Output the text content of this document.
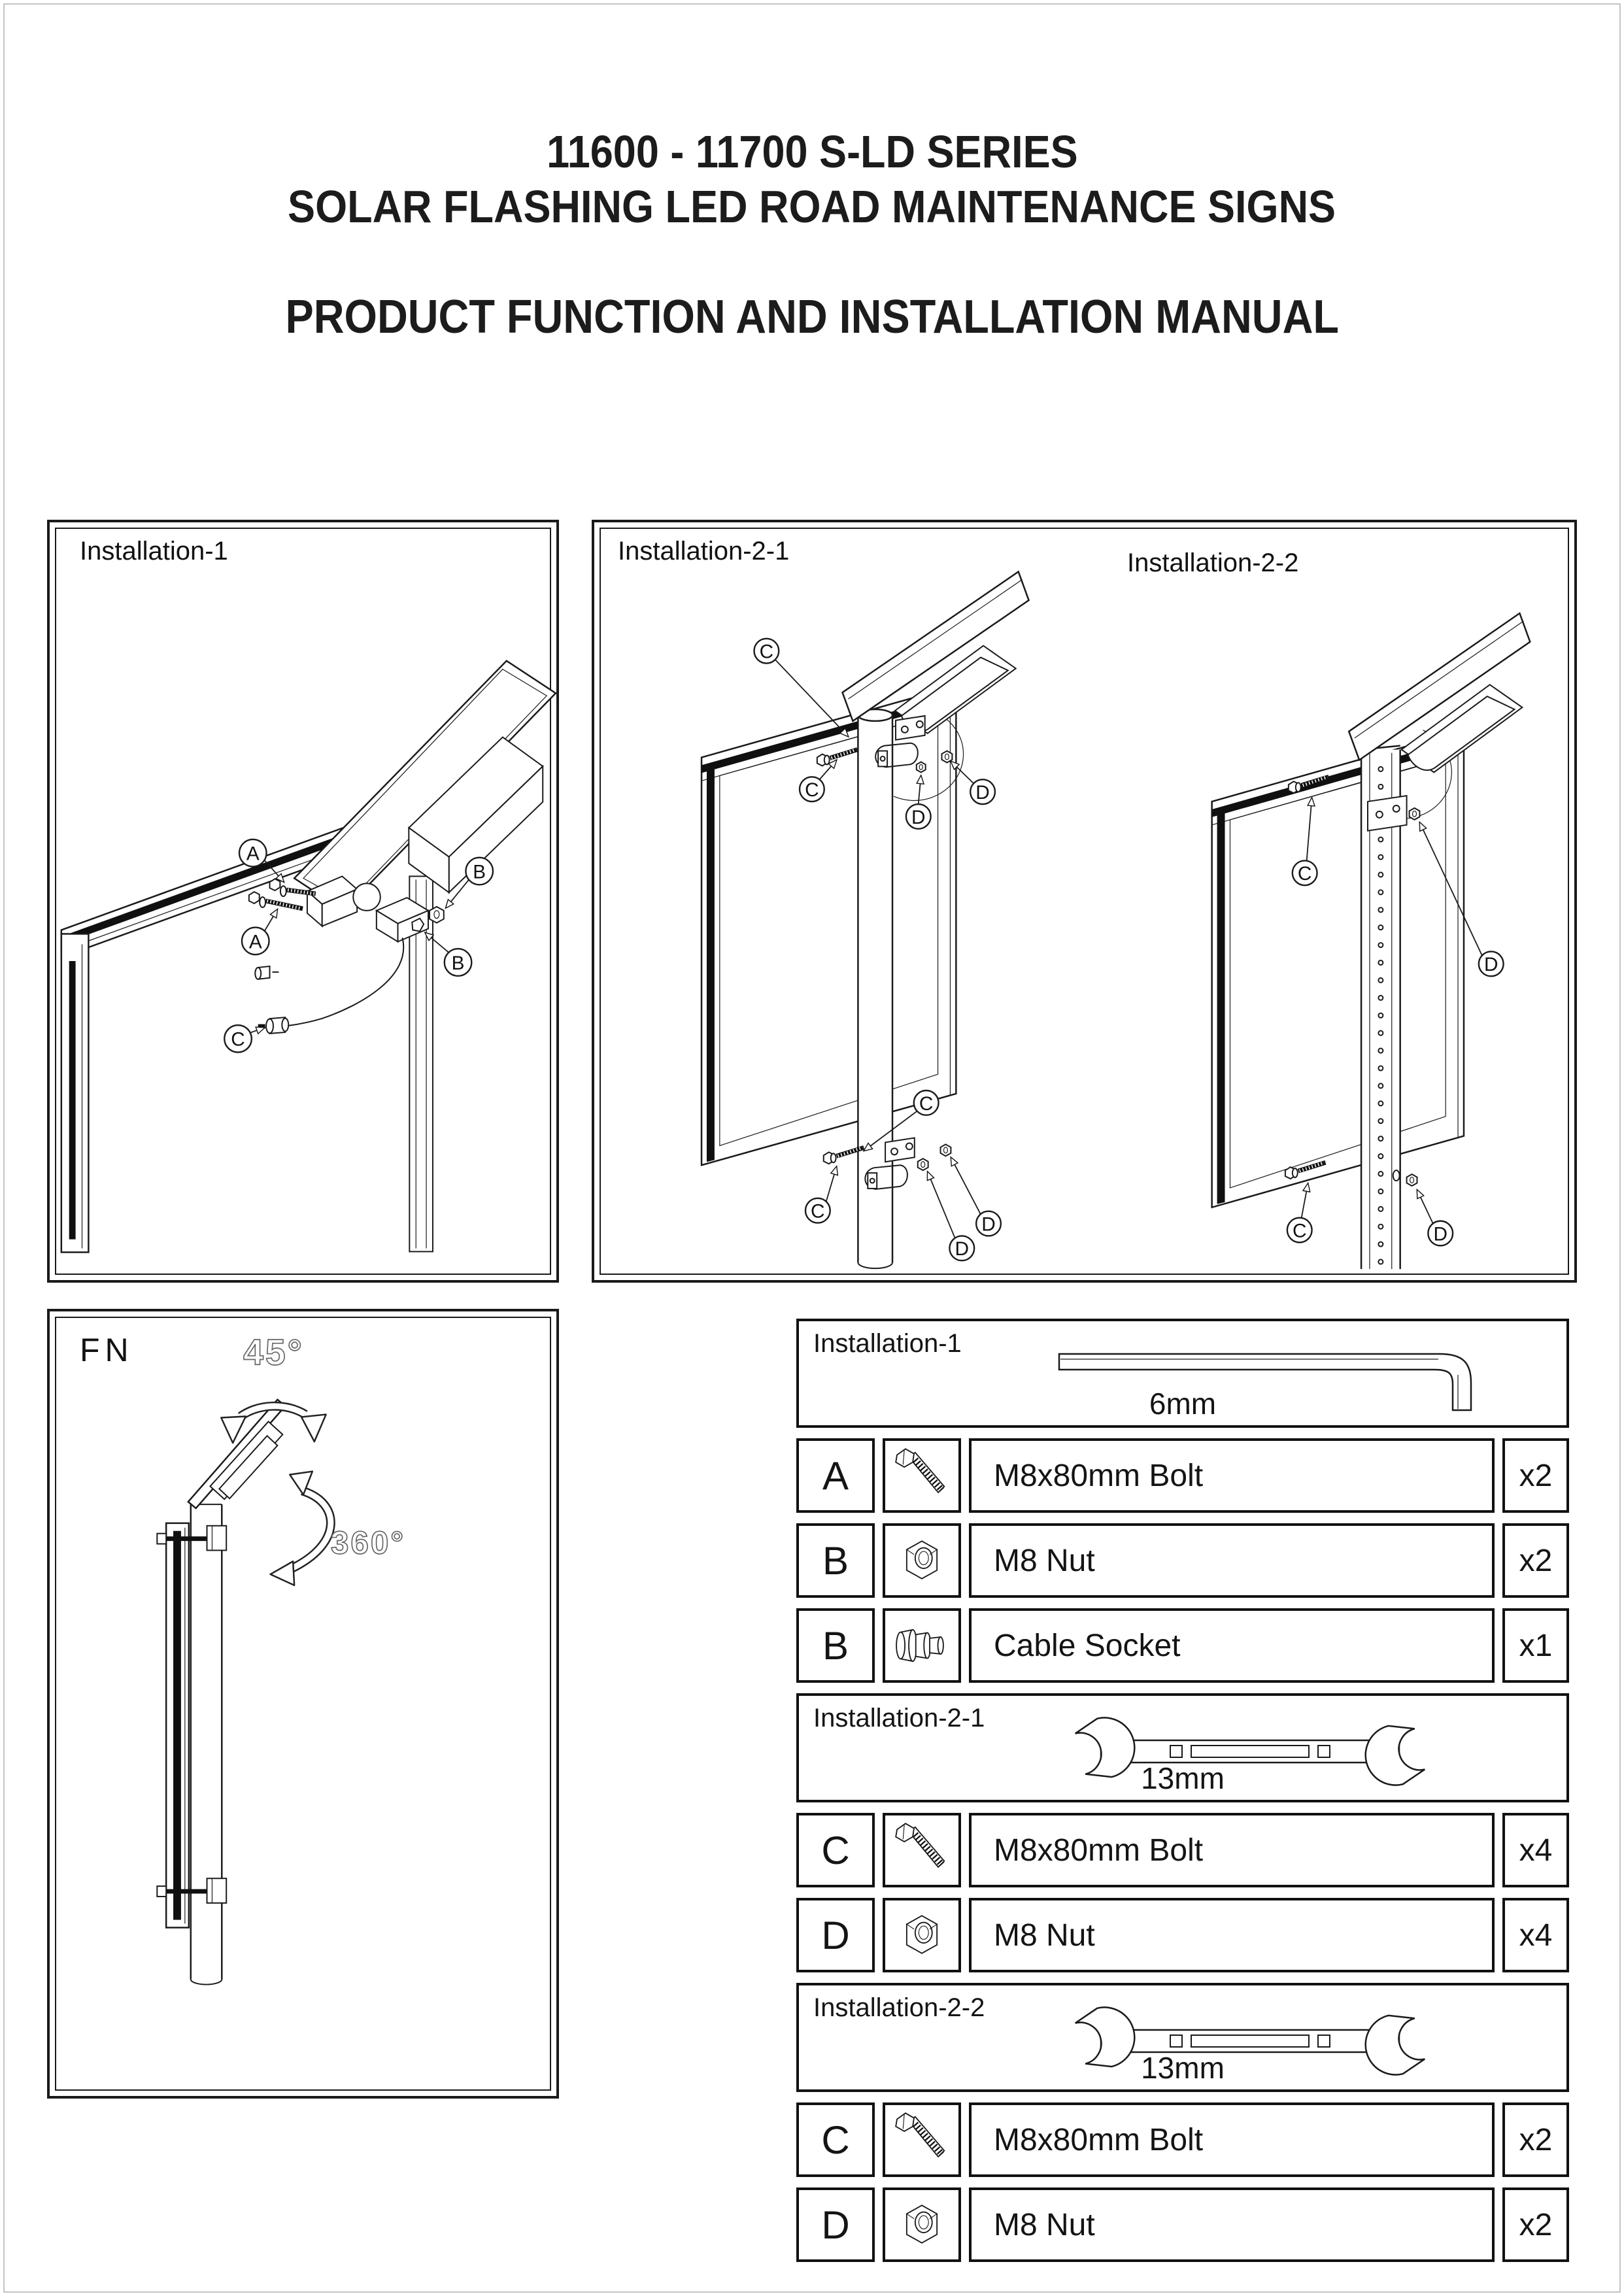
11600 - 11700 S-LD SERIES
SOLAR FLASHING LED ROAD MAINTENANCE SIGNS
PRODUCT FUNCTION AND INSTALLATION MANUAL
Installation-1
A
A
B
B
C
Installation-2-1	Installation-2-2
C
C	D
D
C
C
D
D
C
D
C	D
FN	45°
360°
Installation-1
6mm
A	M8x80mm Bolt	x2
B	M8 Nut	x2
B	Cable Socket	x1
Installation-2-1
13mm
C	M8x80mm Bolt	x4
D	M8 Nut	x4
Installation-2-2
13mm
C	M8x80mm Bolt	x2
D	M8 Nut	x2
